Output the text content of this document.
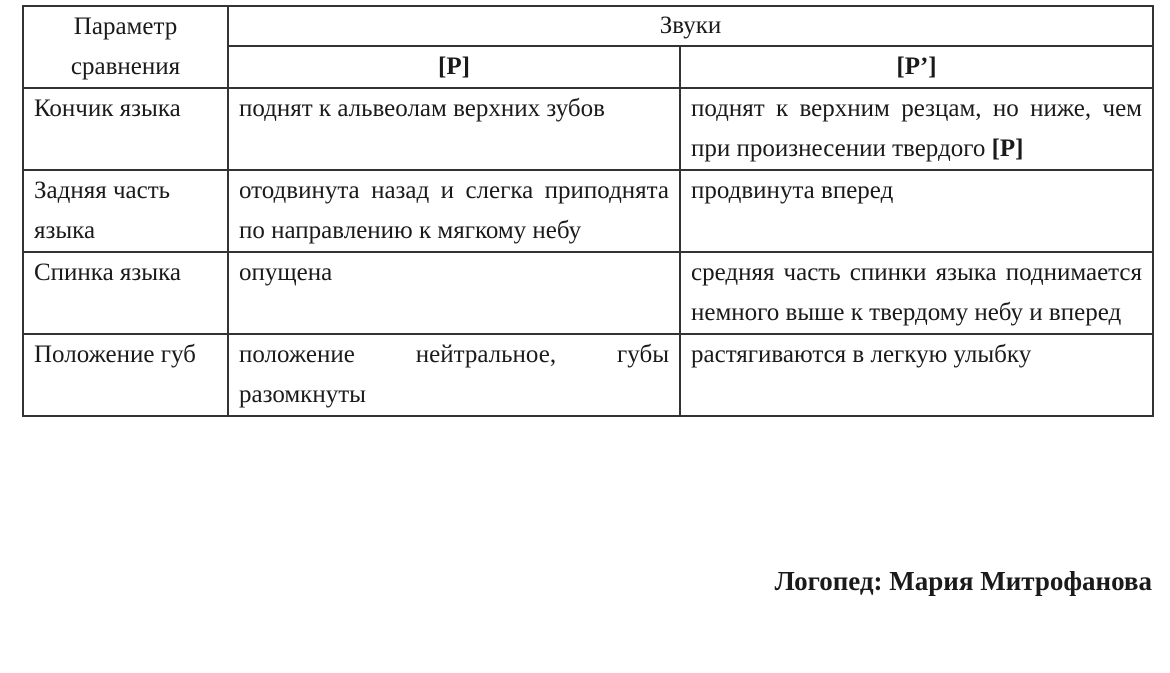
Параметр сравнения	Звуки	
	[Р]	[Р’]
Кончик языка	поднят к альвеолам верхних зубов	поднят к верхним резцам, но ниже, чем при произнесении твердого [Р]
Задняя часть языка	отодвинута назад и слегка приподнята по направлению к мягкому небу	продвинута вперед
Спинка языка	опущена	средняя часть спинки языка поднимается немного выше к твердому небу и вперед
Положение губ	положение нейтральное, губы разомкнуты	растягиваются в легкую улыбку
Логопед: Мария Митрофанова
